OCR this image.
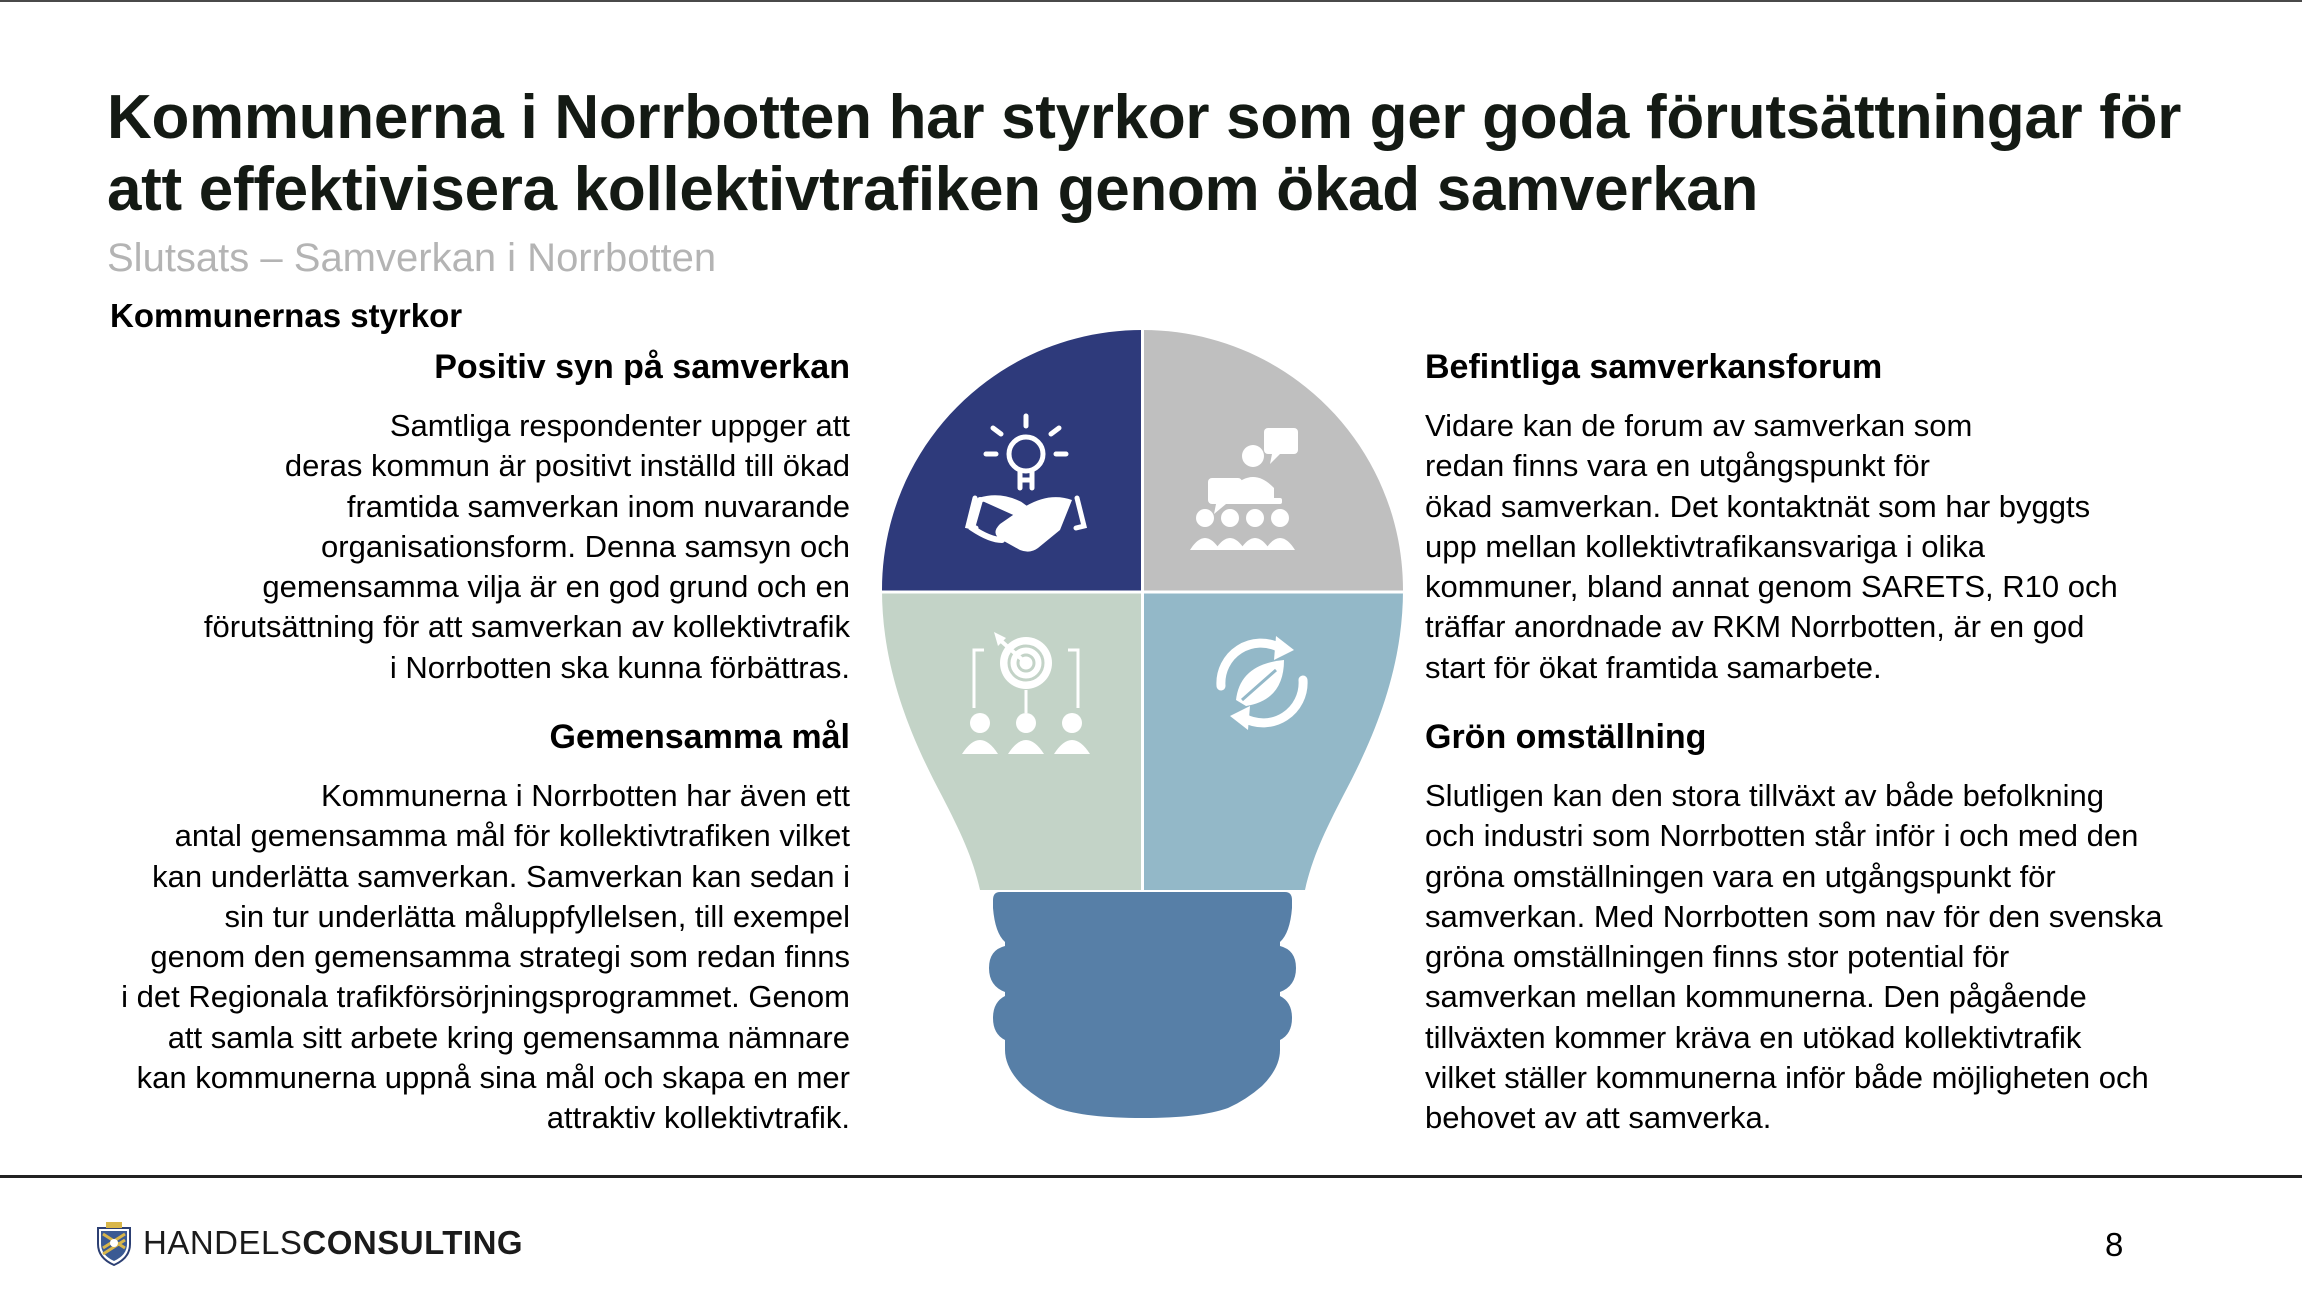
Kommunerna i Norrbotten har styrkor som ger goda förutsättningar för att effektivisera kollektivtrafiken genom ökad samverkan
Slutsats – Samverkan i Norrbotten
Kommunernas styrkor
Positiv syn på samverkan

Samtliga respondenter uppger att
deras kommun är positivt inställd till ökad
framtida samverkan inom nuvarande
organisationsform. Denna samsyn och
gemensamma vilja är en god grund och en
förutsättning för att samverkan av kollektivtrafik
i Norrbotten ska kunna förbättras.

Gemensamma mål

Kommunerna i Norrbotten har även ett
antal gemensamma mål för kollektivtrafiken vilket
kan underlätta samverkan. Samverkan kan sedan i
sin tur underlätta måluppfyllelsen, till exempel
genom den gemensamma strategi som redan finns
i det Regionala trafikförsörjningsprogrammet. Genom
att samla sitt arbete kring gemensamma nämnare
kan kommunerna uppnå sina mål och skapa en mer
attraktiv kollektivtrafik.

Befintliga samverkansforum

Vidare kan de forum av samverkan som
redan finns vara en utgångspunkt för
ökad samverkan. Det kontaktnät som har byggts
upp mellan kollektivtrafikansvariga i olika
kommuner, bland annat genom SARETS, R10 och
träffar anordnade av RKM Norrbotten, är en god
start för ökat framtida samarbete.

Grön omställning

Slutligen kan den stora tillväxt av både befolkning
och industri som Norrbotten står inför i och med den
gröna omställningen vara en utgångspunkt för
samverkan. Med Norrbotten som nav för den svenska
gröna omställningen finns stor potential för
samverkan mellan kommunerna. Den pågående
tillväxten kommer kräva en utökad kollektivtrafik
vilket ställer kommunerna inför både möjligheten och
behovet av att samverka.

HANDELSCONSULTING	8
